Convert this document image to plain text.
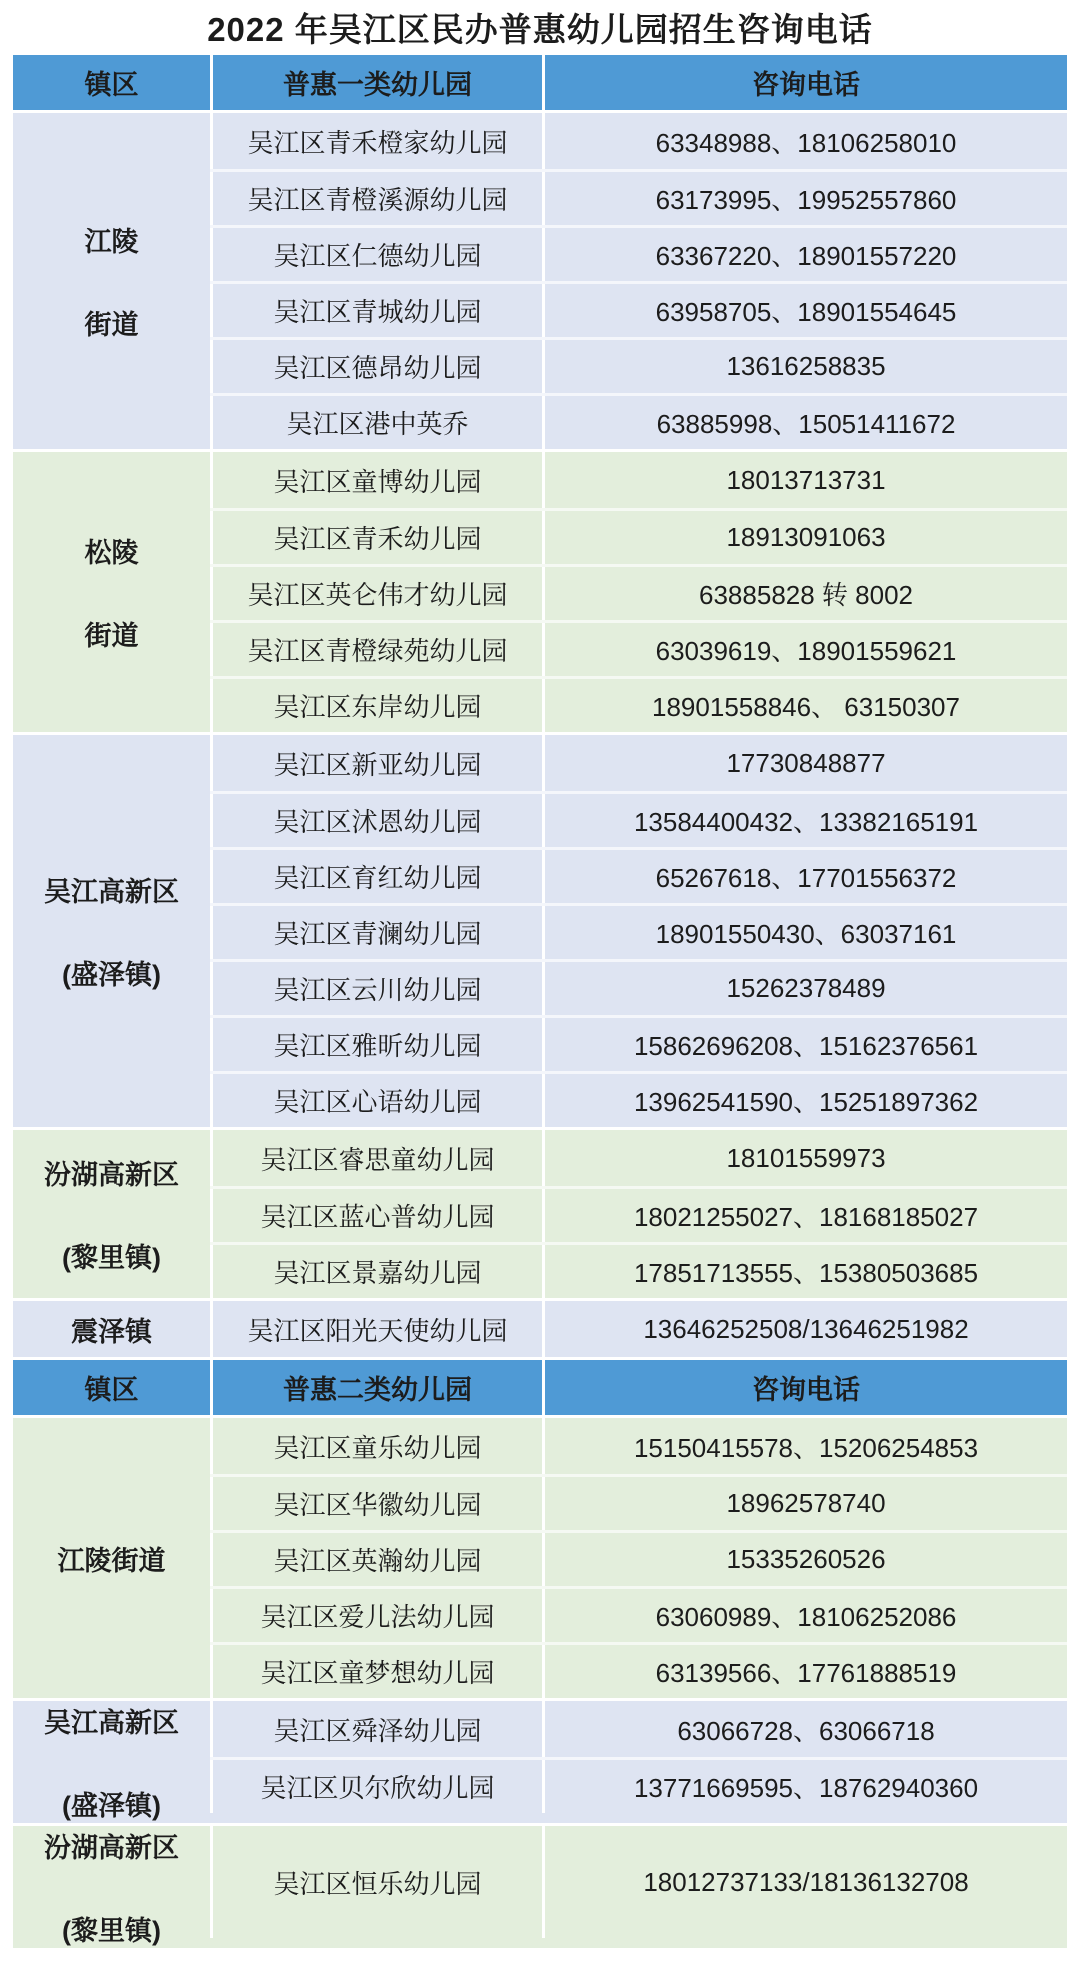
2022 年吴江区民办普惠幼儿园招生咨询电话
镇区	普惠一类幼儿园	咨询电话
江陵
街道
吴江区青禾橙家幼儿园	63348988、18106258010
吴江区青橙溪源幼儿园	63173995、19952557860
吴江区仁德幼儿园	63367220、18901557220
吴江区青城幼儿园	63958705、18901554645
吴江区德昂幼儿园	13616258835
吴江区港中英乔	63885998、15051411672
松陵
街道
吴江区童博幼儿园	18013713731
吴江区青禾幼儿园	18913091063
吴江区英仑伟才幼儿园	63885828 转 8002
吴江区青橙绿苑幼儿园	63039619、18901559621
吴江区东岸幼儿园	18901558846、 63150307
吴江高新区
(盛泽镇)
吴江区新亚幼儿园	17730848877
吴江区沭恩幼儿园	13584400432、13382165191
吴江区育红幼儿园	65267618、17701556372
吴江区青澜幼儿园	18901550430、63037161
吴江区云川幼儿园	15262378489
吴江区雅昕幼儿园	15862696208、15162376561
吴江区心语幼儿园	13962541590、15251897362
汾湖高新区
(黎里镇)
吴江区睿思童幼儿园	18101559973
吴江区蓝心普幼儿园	18021255027、18168185027
吴江区景嘉幼儿园	17851713555、15380503685
震泽镇	吴江区阳光天使幼儿园	13646252508/13646251982
镇区	普惠二类幼儿园	咨询电话
江陵街道
吴江区童乐幼儿园	15150415578、15206254853
吴江区华徽幼儿园	18962578740
吴江区英瀚幼儿园	15335260526
吴江区爱儿法幼儿园	63060989、18106252086
吴江区童梦想幼儿园	63139566、17761888519
吴江高新区
(盛泽镇)
吴江区舜泽幼儿园	63066728、63066718
吴江区贝尔欣幼儿园	13771669595、18762940360
汾湖高新区
(黎里镇)
吴江区恒乐幼儿园	18012737133/18136132708
